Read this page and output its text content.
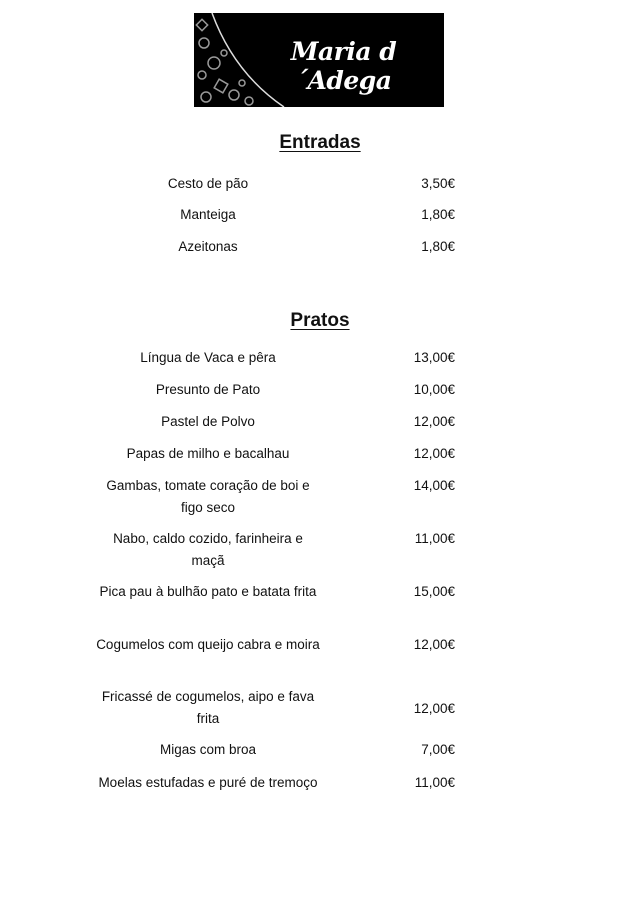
Maria d´Adega
Entradas
Cesto de pão	3,50€
Manteiga	1,80€
Azeitonas	1,80€
Pratos
Língua de Vaca e pêra	13,00€
Presunto de Pato	10,00€
Pastel de Polvo	12,00€
Papas de milho e bacalhau	12,00€
Gambas, tomate coração de boi e figo seco
14,00€
Nabo, caldo cozido, farinheira e maçã
11,00€
Pica pau à bulhão pato e batata frita	15,00€
Cogumelos com queijo cabra e moira	12,00€
Fricassé de cogumelos, aipo e fava frita
12,00€
Migas com broa	7,00€
Moelas estufadas e puré de tremoço	11,00€
